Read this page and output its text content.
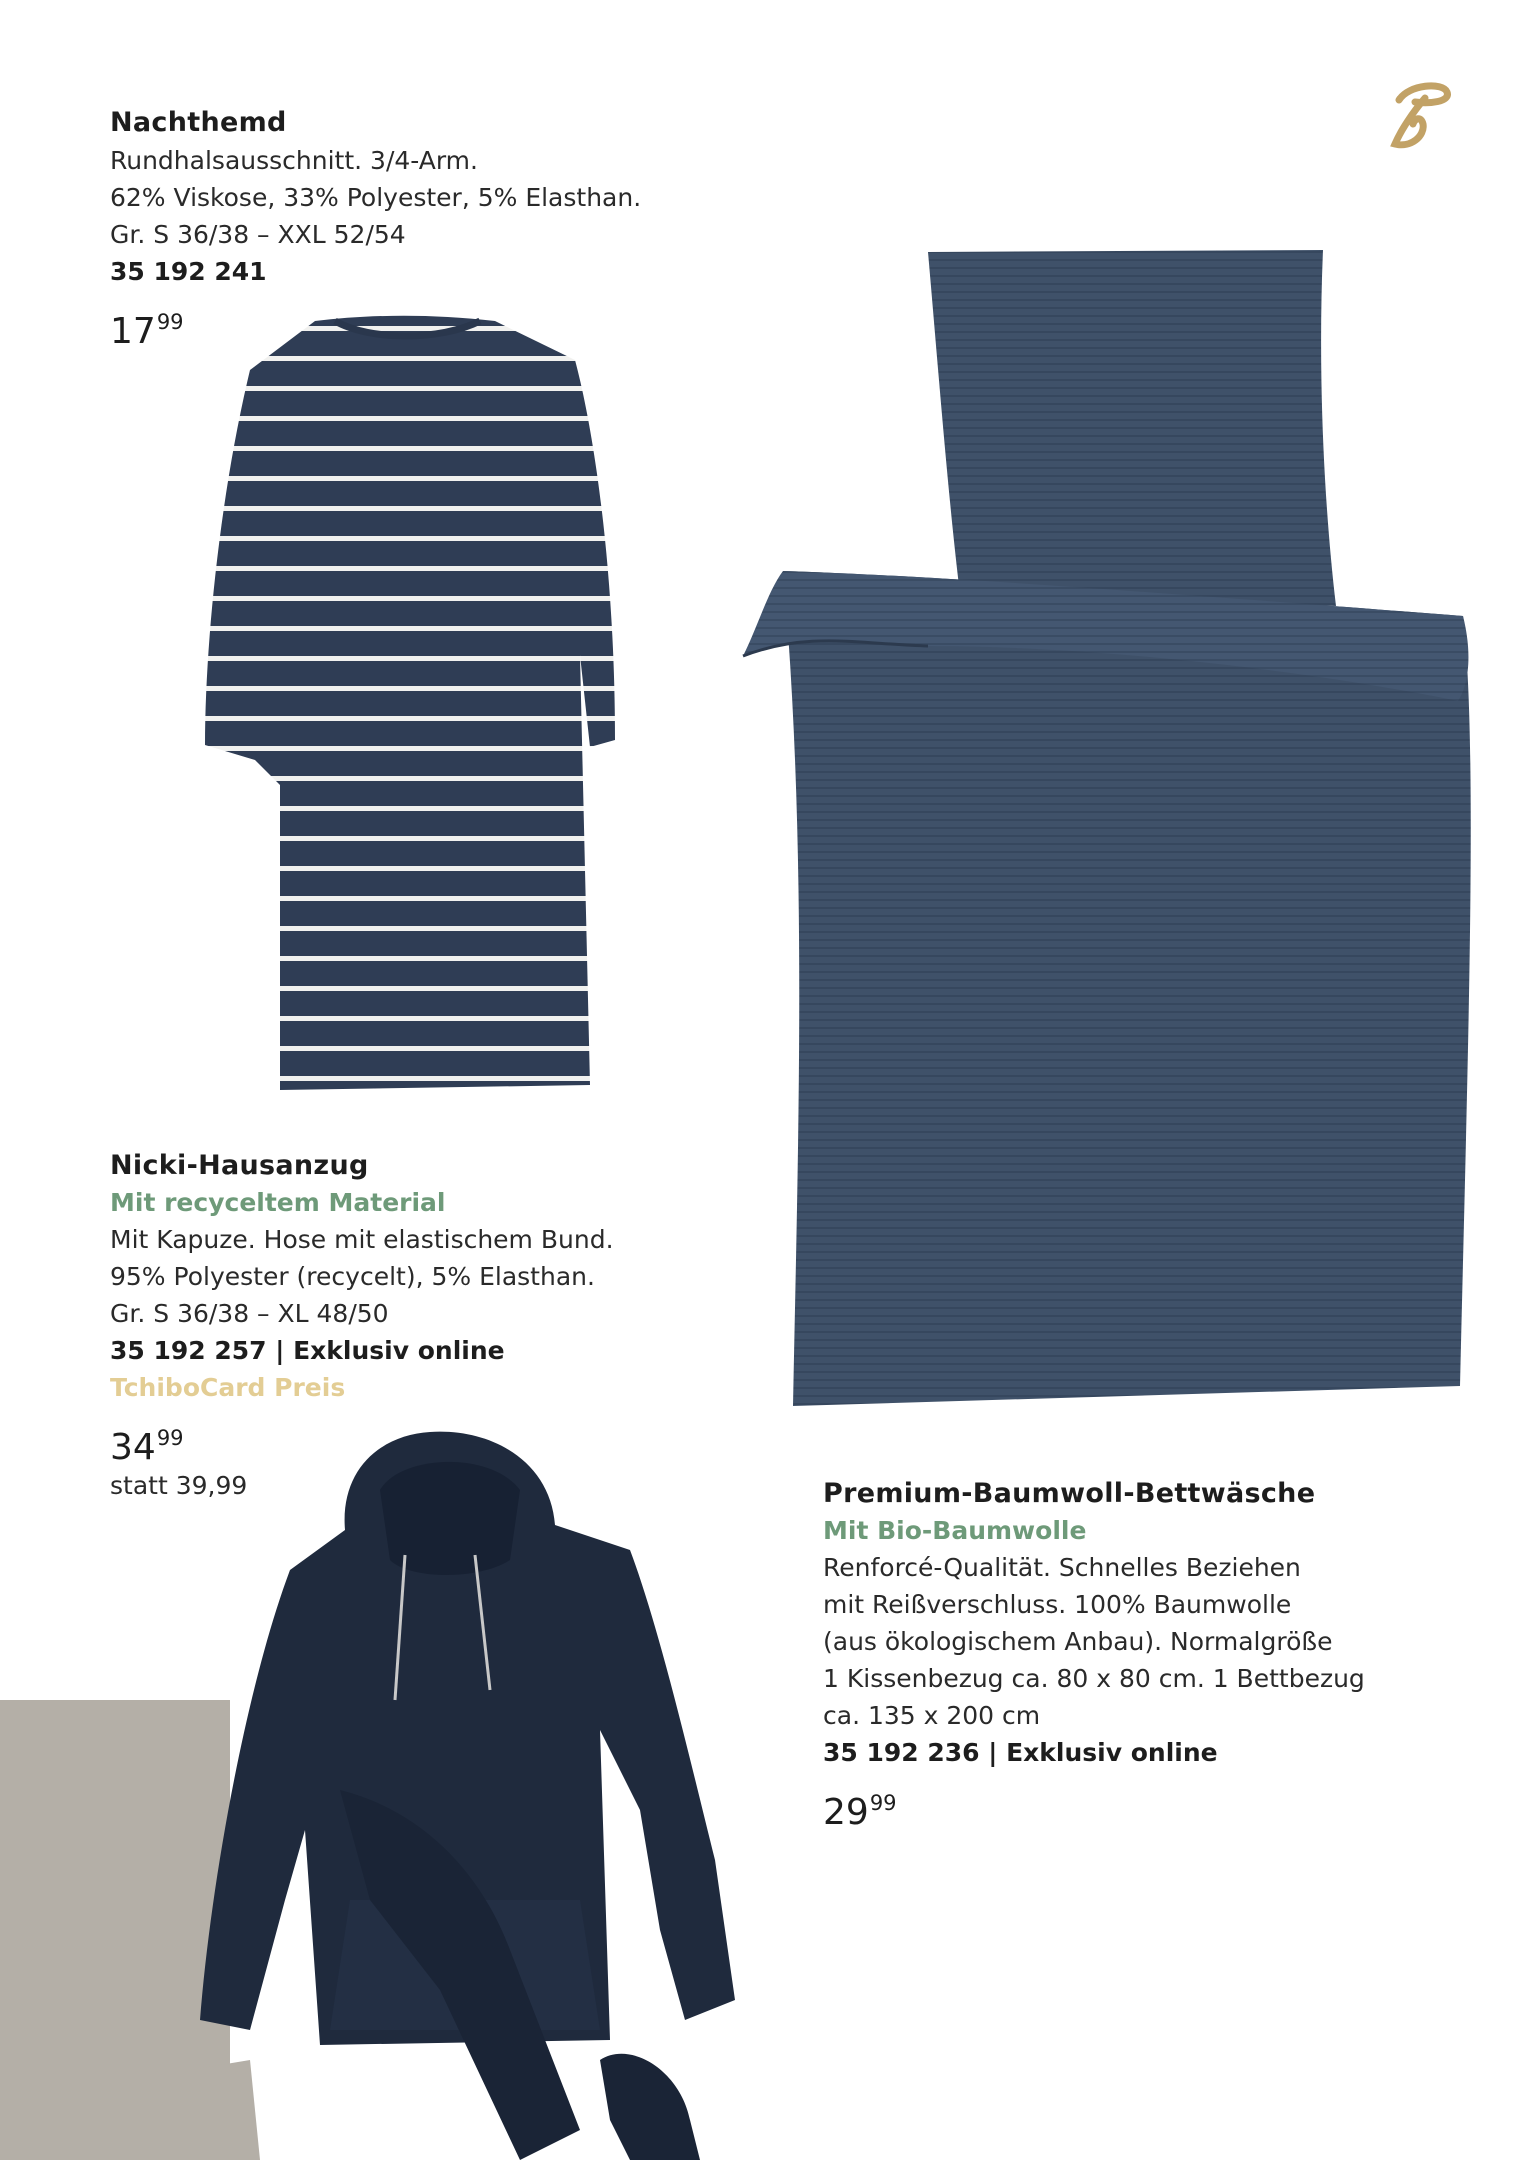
Nachthemd
Rundhalsausschnitt. 3/4-Arm.
62% Viskose, 33% Polyester, 5% Elasthan.
Gr. S 36/38 – XXL 52/54
35 192 241
$17^{99}$
Nicki-Hausanzug
Mit recyceltem Material
Mit Kapuze. Hose mit elastischem Bund.
95% Polyester (recycelt), 5% Elasthan.
Gr. S 36/38 – XL 48/50
35 192 257 | Exklusiv online
TchiboCard Preis
$34^{99}$
statt 39,99	Premium-Baumwoll-Bettwäsche
Mit Bio-Baumwolle
Renforcé-Qualität. Schnelles Beziehen
mit Reißverschluss. 100% Baumwolle
(aus ökologischem Anbau). Normalgröße
1 Kissenbezug ca. 80 x 80 cm. 1 Bettbezug
ca. 135 x 200 cm
35 192 236 | Exklusiv online
$29^{99}$
